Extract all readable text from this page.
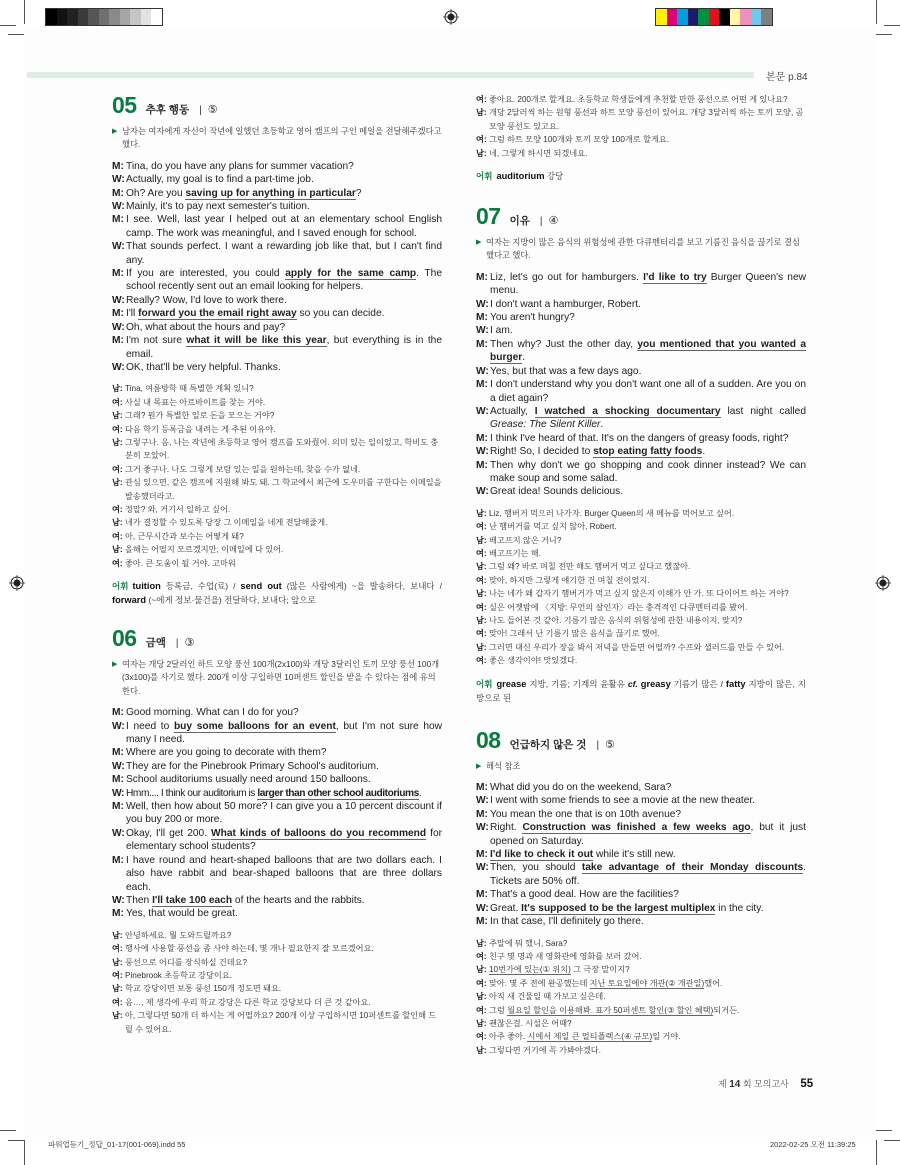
본문 p.84
05 추후 행동 | ⑤
▶ 남자는 여자에게 자신이 작년에 일했던 초등학교 영어 캠프의 구인 메일을 전달해주겠다고 했다.
M: Tina, do you have any plans for summer vacation?
W:Actually, my goal is to find a part-time job.
M: Oh? Are you saving up for anything in particular?
W:Mainly, it's to pay next semester's tuition.
M: I see. Well, last year I helped out at an elementary school English camp. The work was meaningful, and I saved enough for school.
W:That sounds perfect. I want a rewarding job like that, but I can't find any.
M: If you are interested, you could apply for the same camp. The school recently sent out an email looking for helpers.
W:Really? Wow, I'd love to work there.
M: I'll forward you the email right away so you can decide.
W:Oh, what about the hours and pay?
M: I'm not sure what it will be like this year, but everything is in the email.
W:OK, that'll be very helpful. Thanks.
남: Tina, 여름방학 때 특별한 계획 있니?
여: 사실 내 목표는 아르바이트를 찾는 거야.
남: 그래? 뭔가 특별한 일로 돈을 모으는 거야?
여: 다음 학기 등록금을 내려는 게 주된 이유야.
남: 그렇구나. 음, 나는 작년에 초등학교 영어 캠프를 도와줬어. 의미 있는 일이었고, 학비도 충분히 모았어.
여: 그거 좋구나. 나도 그렇게 보람 있는 일을 원하는데, 찾을 수가 없네.
남: 관심 있으면, 같은 캠프에 지원해 봐도 돼. 그 학교에서 최근에 도우미를 구한다는 이메일을 발송했더라고.
여: 정말? 와, 거기서 일하고 싶어.
남: 네가 결정할 수 있도록 당장 그 이메일을 네게 전달해줄게.
여: 아, 근무시간과 보수는 어떻게 돼?
남: 올해는 어떨지 모르겠지만, 이메일에 다 있어.
여: 좋아. 큰 도움이 될 거야. 고마워
어휘 tuition 등록금, 수업(료) / send out (많은 사람에게) ~을 발송하다, 보내다 / forward (~에게 정보·물건을) 전달하다, 보내다; 앞으로
06 금액 | ③
▶ 여자는 개당 2달러인 하트 모양 풍선 100개(2x100)와 개당 3달러인 토끼 모양 풍선 100개(3x100)를 사기로 했다. 200개 이상 구입하면 10퍼센트 할인을 받을 수 있다는 점에 유의한다.
M: Good morning. What can I do for you?
W:I need to buy some balloons for an event, but I'm not sure how many I need.
M: Where are you going to decorate with them?
W:They are for the Pinebrook Primary School's auditorium.
M: School auditoriums usually need around 150 balloons.
W: Hmm.... I think our auditorium is larger than other school auditoriums.
M: Well, then how about 50 more? I can give you a 10 percent discount if you buy 200 or more.
W:Okay, I'll get 200. What kinds of balloons do you recommend for elementary school students?
M: I have round and heart-shaped balloons that are two dollars each. I also have rabbit and bear-shaped balloons that are three dollars each.
W:Then I'll take 100 each of the hearts and the rabbits.
M: Yes, that would be great.
남: 안녕하세요. 뭘 도와드릴까요?
여: 행사에 사용할 풍선을 좀 사야 하는데, 몇 개나 필요한지 잘 모르겠어요.
남: 풍선으로 어디를 장식하실 건데요?
여: Pinebrook 초등학교 강당이요.
남: 학교 강당이면 보통 풍선 150개 정도면 돼요.
여: 음…, 제 생각에 우리 학교 강당은 다른 학교 강당보다 더 큰 것 같아요.
남: 아, 그렇다면 50개 더 하시는 게 어떨까요? 200개 이상 구입하시면 10퍼센트를 할인해 드릴 수 있어요.
여: 좋아요. 200개로 할게요. 초등학교 학생들에게 추천할 만한 풍선으로 어떤 게 있나요?
남: 개당 2달러씩 하는 원형 풍선과 하트 모양 풍선이 있어요. 개당 3달러씩 하는 토끼 모양, 곰 모양 풍선도 있고요.
여: 그럼 하트 모양 100개와 토끼 모양 100개로 할게요.
남: 네, 그렇게 하시면 되겠네요.
어휘 auditorium 강당
07 이유 | ④
▶ 여자는 지방이 많은 음식의 위험성에 관한 다큐멘터리를 보고 기름진 음식을 끊기로 결심했다고 했다.
M: Liz, let's go out for hamburgers. I'd like to try Burger Queen's new menu.
W:I don't want a hamburger, Robert.
M: You aren't hungry?
W:I am.
M: Then why? Just the other day, you mentioned that you wanted a burger.
W:Yes, but that was a few days ago.
M: I don't understand why you don't want one all of a sudden. Are you on a diet again?
W:Actually, I watched a shocking documentary last night called Grease: The Silent Killer.
M: I think I've heard of that. It's on the dangers of greasy foods, right?
W:Right! So, I decided to stop eating fatty foods.
M: Then why don't we go shopping and cook dinner instead? We can make soup and some salad.
W:Great idea! Sounds delicious.
남: Liz, 햄버거 먹으러 나가자. Burger Queen의 새 메뉴를 먹어보고 싶어.
여: 난 햄버거를 먹고 싶지 않아, Robert.
남: 배고프지 않은 거니?
여: 배고프기는 해.
남: 그럼 왜? 바로 며칠 전만 해도 햄버거 먹고 싶다고 했잖아.
여: 맞아, 하지만 그렇게 얘기한 건 며칠 전이었지.
남: 나는 네가 왜 갑자기 햄버거가 먹고 싶지 않은지 이해가 안 가. 또 다이어트 하는 거야?
여: 실은 어젯밤에 〈지방: 무언의 살인자〉라는 충격적인 다큐멘터리를 봤어.
남: 나도 들어본 것 같아. 기름기 많은 음식의 위험성에 관한 내용이지, 맞지?
여: 맞아! 그래서 난 기름기 많은 음식을 끊기로 했어.
남: 그러면 대신 우리가 장을 봐서 저녁을 만들면 어떨까? 수프와 샐러드를 만들 수 있어.
여: 좋은 생각이야! 맛있겠다.
어휘 grease 지방, 기름; 기계의 윤활유 cf. greasy 기름기 많은 / fatty 지방이 많은, 지방으로 된
08 언급하지 않은 것 | ⑤
▶ 해석 참조
M: What did you do on the weekend, Sara?
W:I went with some friends to see a movie at the new theater.
M: You mean the one that is on 10th avenue?
W:Right. Construction was finished a few weeks ago, but it just opened on Saturday.
M: I'd like to check it out while it's still new.
W:Then, you should take advantage of their Monday discounts. Tickets are 50% off.
M: That's a good deal. How are the facilities?
W:Great. It's supposed to be the largest multiplex in the city.
M: In that case, I'll definitely go there.
남: 주말에 뭐 했니, Sara?
여: 친구 몇 명과 새 영화관에 영화를 보러 갔어.
남: 10번가에 있는(① 위치) 그 극장 말이지?
여: 맞아. 몇 주 전에 완공했는데 지난 토요일에야 개관(② 개관일)했어.
남: 아직 새 건물일 때 가보고 싶은데.
여: 그럼 월요일 할인을 이용해봐. 표가 50퍼센트 할인(③ 할인 혜택)되거든.
남: 괜찮은걸. 시설은 어때?
여: 아주 좋아. 시에서 제일 큰 멀티플렉스(④ 규모)일 거야.
남: 그렇다면 거기에 꼭 가봐야겠다.
제 14 회 모의고사 55
파워업듣기_정답_01-17(001-069).indd 55	2022-02-25 오전 11:39:25
